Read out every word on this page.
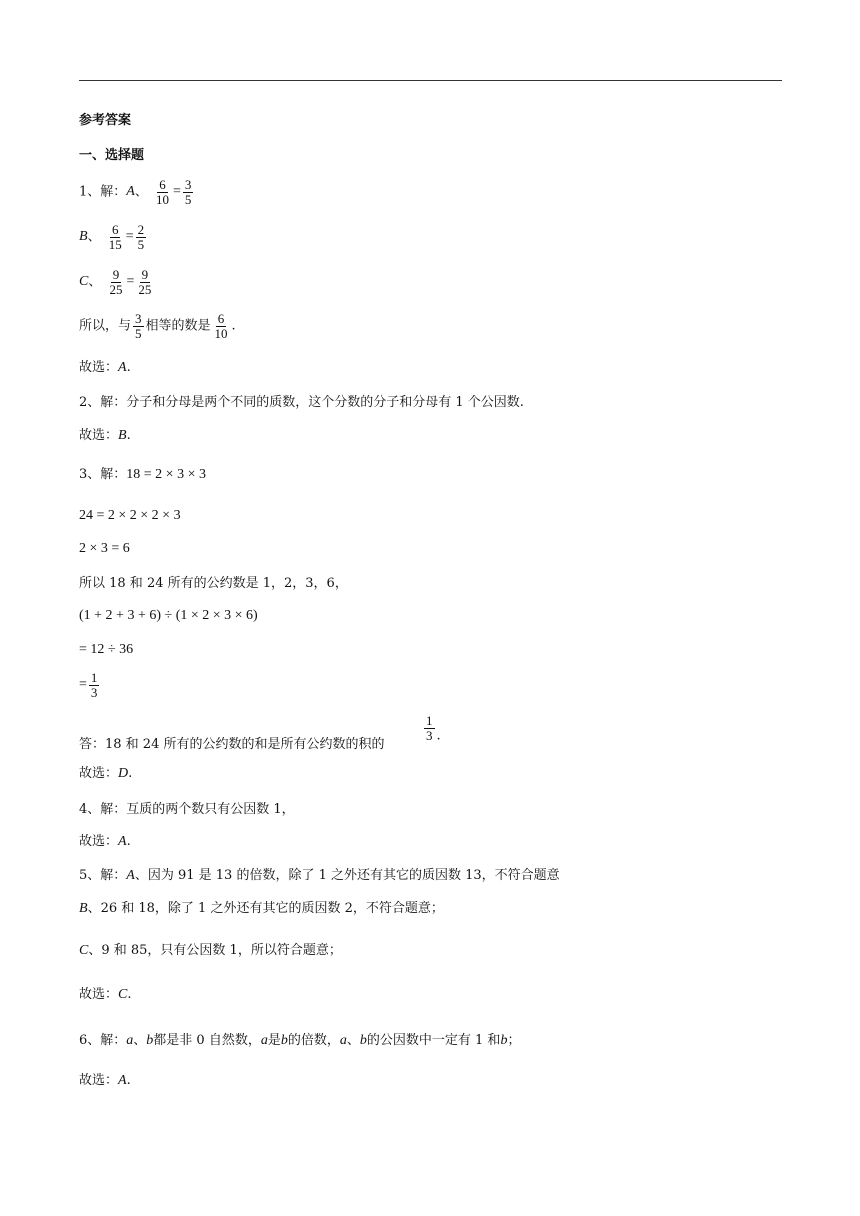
参考答案
一、选择题
1、解：A、 $\frac{6}{10} = \frac{3}{5}$
B、 $\frac{6}{15} = \frac{2}{5}$
C、 $\frac{9}{25} = \frac{9}{25}$
所以，与 $\frac{3}{5}$ 相等的数是 $\frac{6}{10}$ .
故选：A.
2、解：分子和分母是两个不同的质数，这个分数的分子和分母有 1 个公因数.
故选：B.
3、解：18 = 2 × 3 × 3
24 = 2 × 2 × 2 × 3
2 × 3 = 6
所以 18 和 24 所有的公约数是 1，2，3，6，
(1 + 2 + 3 + 6) ÷ (1 × 2 × 3 × 6)
= 12 ÷ 36
= $\frac{1}{3}$
答：18 和 24 所有的公约数的和是所有公约数的积的
$\frac{1}{3}$ .
故选：D.
4、解：互质的两个数只有公因数 1，
故选：A.
5、解：A、因为 91 是 13 的倍数，除了 1 之外还有其它的质因数 13，不符合题意
B、26 和 18，除了 1 之外还有其它的质因数 2，不符合题意；
C、9 和 85，只有公因数 1，所以符合题意；
故选：C.
6、解：a、b都是非 0 自然数，a是b的倍数，a、b的公因数中一定有 1 和b；
故选：A.
